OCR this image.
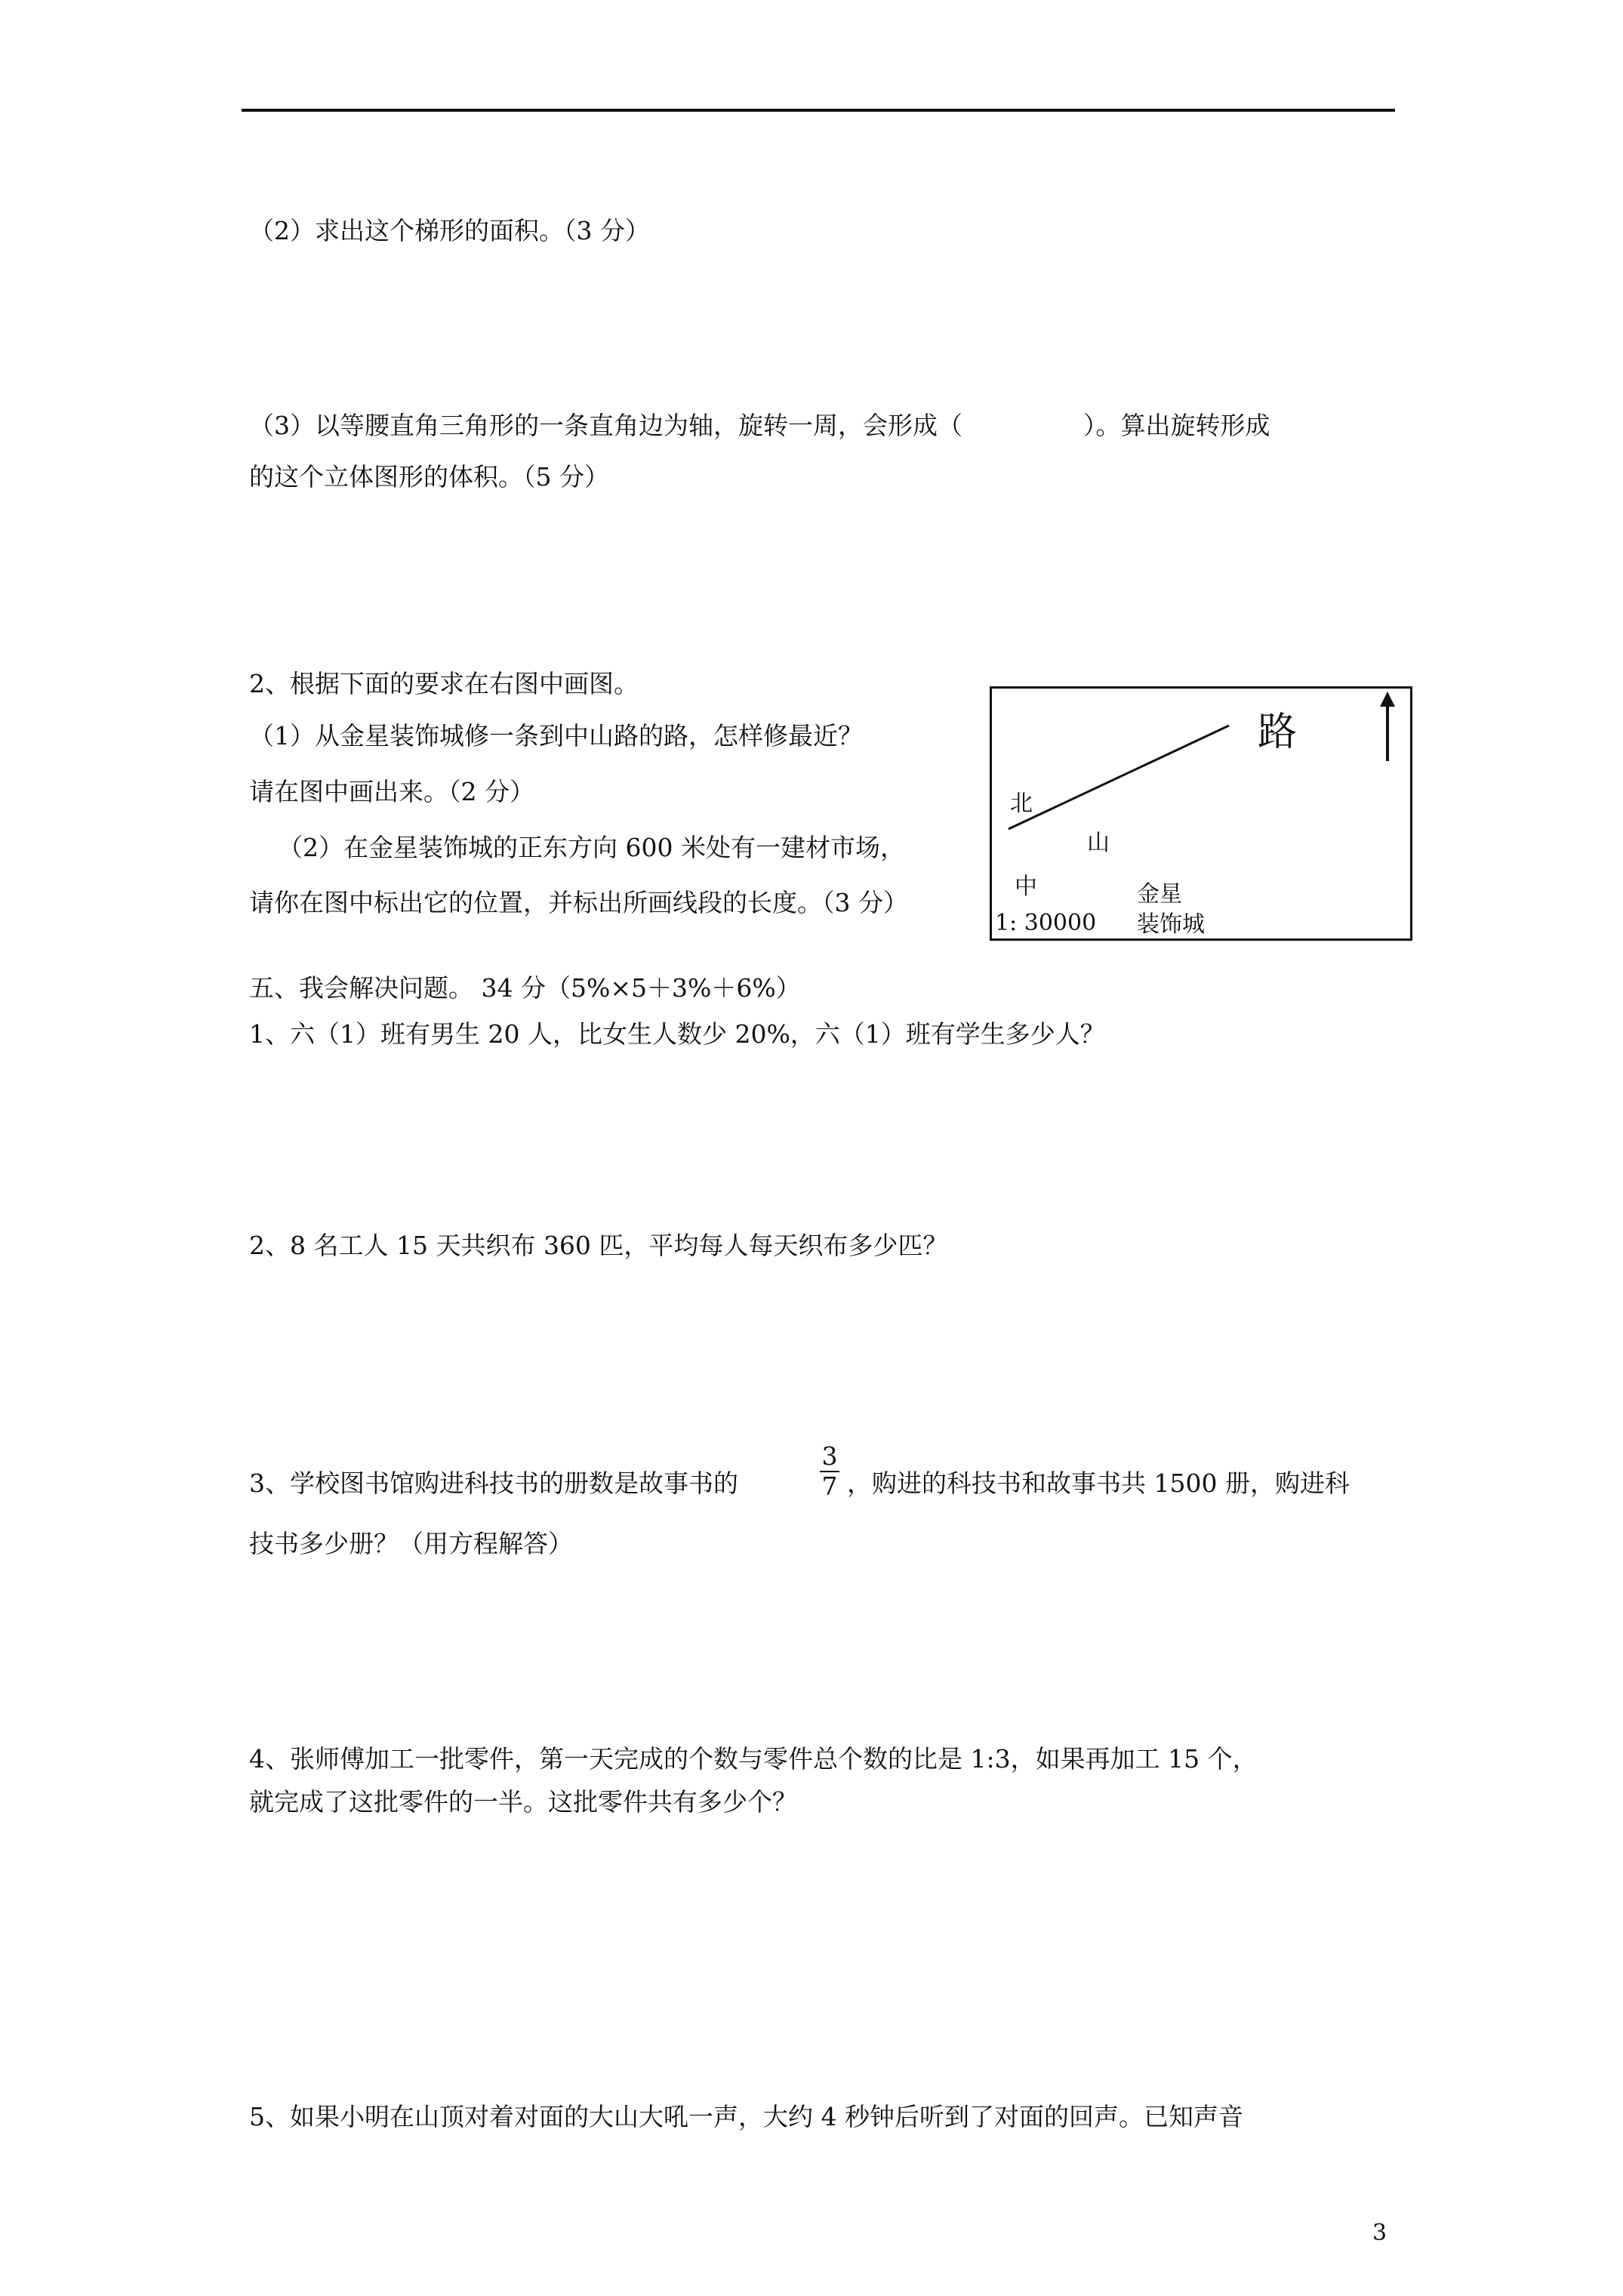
（2）求出这个梯形的面积。（3 分）
（3）以等腰直角三角形的一条直角边为轴，旋转一周，会形成（	）。算出旋转形成
的这个立体图形的体积。（5 分）
2、根据下面的要求在右图中画图。
（1）从金星装饰城修一条到中山路的路，怎样修最近？
请在图中画出来。（2 分）
（2）在金星装饰城的正东方向 600 米处有一建材市场，
请你在图中标出它的位置，并标出所画线段的长度。（3 分）
路
北
山
中
1: 30000
金星
装饰城
五、我会解决问题。 34 分（5%×5＋3%＋6%）
1、六（1）班有男生 20 人，比女生人数少 20%，六（1）班有学生多少人？
2、8 名工人 15 天共织布 360 匹，平均每人每天织布多少匹？
3、学校图书馆购进科技书的册数是故事书的
3
7 ，购进的科技书和故事书共 1500 册，购进科
技书多少册？（用方程解答）
4、张师傅加工一批零件，第一天完成的个数与零件总个数的比是 1:3，如果再加工 15 个，
就完成了这批零件的一半。这批零件共有多少个？
5、如果小明在山顶对着对面的大山大吼一声，大约 4 秒钟后听到了对面的回声。已知声音
3
